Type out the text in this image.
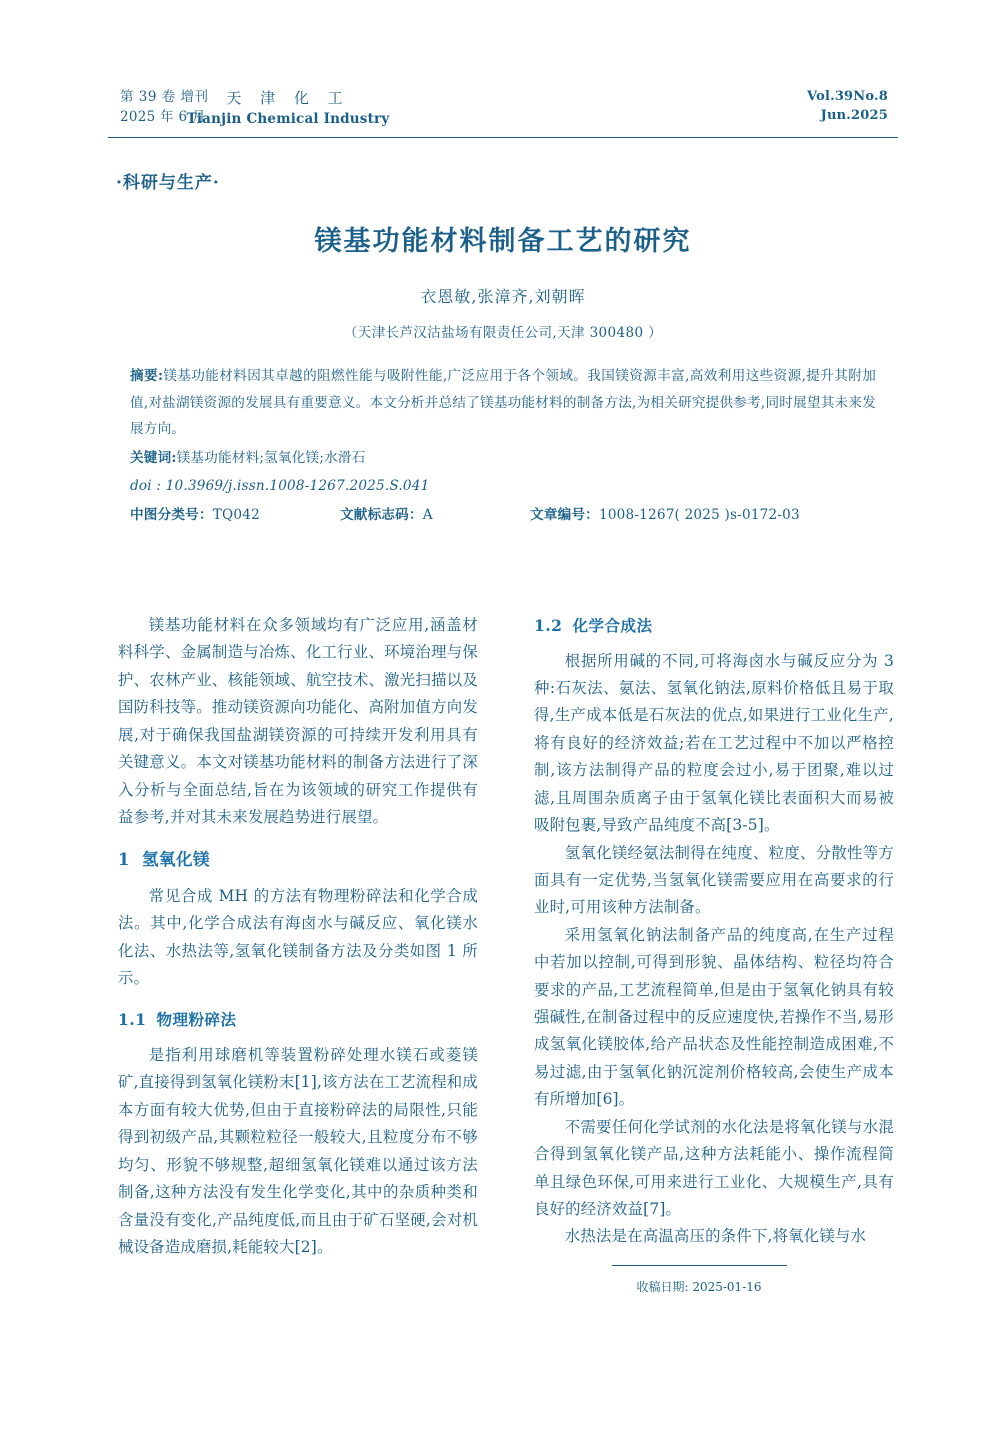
第 39 卷 增刊
2025 年 6 月
天 津 化 工
Tianjin Chemical Industry
Vol.39No.8
Jun.2025
·科研与生产·
镁基功能材料制备工艺的研究
衣恩敏,张漳齐,刘朝晖
（天津长芦汉沽盐场有限责任公司,天津 300480 ）
摘要:镁基功能材料因其卓越的阻燃性能与吸附性能,广泛应用于各个领域。我国镁资源丰富,高效利用这些资源,提升其附加值,对盐湖镁资源的发展具有重要意义。本文分析并总结了镁基功能材料的制备方法,为相关研究提供参考,同时展望其未来发展方向。
关键词:镁基功能材料;氢氧化镁;水滑石
doi : 10.3969/j.issn.1008-1267.2025.S.041
中图分类号：TQ042	文献标志码：A	文章编号：1008-1267( 2025 )s-0172-03

镁基功能材料在众多领域均有广泛应用,涵盖材料科学、金属制造与冶炼、化工行业、环境治理与保护、农林产业、核能领域、航空技术、激光扫描以及国防科技等。推动镁资源向功能化、高附加值方向发展,对于确保我国盐湖镁资源的可持续开发利用具有关键意义。本文对镁基功能材料的制备方法进行了深入分析与全面总结,旨在为该领域的研究工作提供有益参考,并对其未来发展趋势进行展望。

1 氢氧化镁

常见合成 MH 的方法有物理粉碎法和化学合成法。其中,化学合成法有海卤水与碱反应、氧化镁水化法、水热法等,氢氧化镁制备方法及分类如图 1 所示。

1.1 物理粉碎法

是指利用球磨机等装置粉碎处理水镁石或菱镁矿,直接得到氢氧化镁粉末[1],该方法在工艺流程和成本方面有较大优势,但由于直接粉碎法的局限性,只能得到初级产品,其颗粒粒径一般较大,且粒度分布不够均匀、形貌不够规整,超细氢氧化镁难以通过该方法制备,这种方法没有发生化学变化,其中的杂质种类和含量没有变化,产品纯度低,而且由于矿石坚硬,会对机械设备造成磨损,耗能较大[2]。

1.2 化学合成法

根据所用碱的不同,可将海卤水与碱反应分为 3 种:石灰法、氨法、氢氧化钠法,原料价格低且易于取得,生产成本低是石灰法的优点,如果进行工业化生产,将有良好的经济效益;若在工艺过程中不加以严格控制,该方法制得产品的粒度会过小,易于团聚,难以过滤,且周围杂质离子由于氢氧化镁比表面积大而易被吸附包裹,导致产品纯度不高[3-5]。

氢氧化镁经氨法制得在纯度、粒度、分散性等方面具有一定优势,当氢氧化镁需要应用在高要求的行业时,可用该种方法制备。

采用氢氧化钠法制备产品的纯度高,在生产过程中若加以控制,可得到形貌、晶体结构、粒径均符合要求的产品,工艺流程简单,但是由于氢氧化钠具有较强碱性,在制备过程中的反应速度快,若操作不当,易形成氢氧化镁胶体,给产品状态及性能控制造成困难,不易过滤,由于氢氧化钠沉淀剂价格较高,会使生产成本有所增加[6]。

不需要任何化学试剂的水化法是将氧化镁与水混合得到氢氧化镁产品,这种方法耗能小、操作流程简单且绿色环保,可用来进行工业化、大规模生产,具有良好的经济效益[7]。

水热法是在高温高压的条件下,将氧化镁与水

收稿日期: 2025-01-16
